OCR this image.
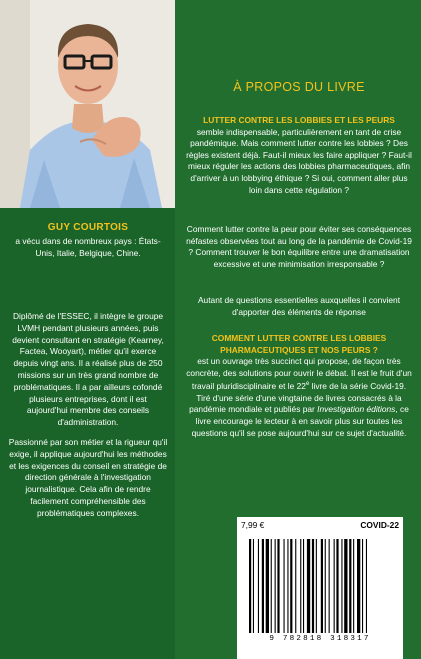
GUY COURTOIS
a vécu dans de nombreux pays : États-Unis, Italie, Belgique, Chine.
Diplômé de l'ESSEC, il intègre le groupe LVMH pendant plusieurs années, puis devient consultant en stratégie (Kearney, Factea, Wooyart), métier qu'il exerce depuis vingt ans. Il a réalisé plus de 250 missions sur un très grand nombre de problématiques. Il a par ailleurs cofondé plusieurs entreprises, dont il est aujourd'hui membre des conseils d'administration.
Passionné par son métier et la rigueur qu'il exige, il applique aujourd'hui les méthodes et les exigences du conseil en stratégie de direction générale à l'investigation journalistique. Cela afin de rendre facilement compréhensible des problématiques complexes.
À PROPOS DU LIVRE
LUTTER CONTRE LES LOBBIES ET LES PEURS
semble indispensable, particulièrement en tant de crise pandémique. Mais comment lutter contre les lobbies ? Des règles existent déjà. Faut-il mieux les faire appliquer ? Faut-il mieux réguler les actions des lobbies pharmaceutiques, afin d'arriver à un lobbying éthique ? Si oui, comment aller plus loin dans cette régulation ?
Comment lutter contre la peur pour éviter ses conséquences néfastes observées tout au long de la pandémie de Covid-19 ? Comment trouver le bon équilibre entre une dramatisation excessive et une minimisation irresponsable ?
Autant de questions essentielles auxquelles il convient d'apporter des éléments de réponse
COMMENT LUTTER CONTRE LES LOBBIES PHARMACEUTIQUES ET NOS PEURS ?
est un ouvrage très succinct qui propose, de façon très concrète, des solutions pour ouvrir le débat. Il est le fruit d'un travail pluridisciplinaire et le 22e livre de la série Covid-19. Tiré d'une série d'une vingtaine de livres consacrés à la pandémie mondiale et publiés par Investigation éditions, ce livre encourage le lecteur à en savoir plus sur toutes les questions qu'il se pose aujourd'hui sur ce sujet d'actualité.
7,99 €	COVID-22
9 782818 318317
